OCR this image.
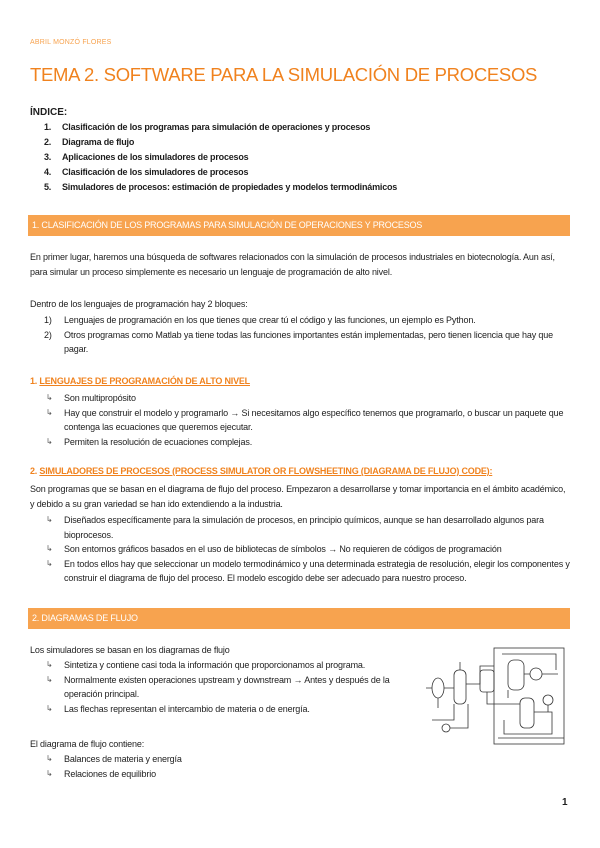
ABRIL MONZÓ FLORES
TEMA 2. SOFTWARE PARA LA SIMULACIÓN DE PROCESOS
ÍNDICE:
1. Clasificación de los programas para simulación de operaciones y procesos
2. Diagrama de flujo
3. Aplicaciones de los simuladores de procesos
4. Clasificación de los simuladores de procesos
5. Simuladores de procesos: estimación de propiedades y modelos termodinámicos
1. CLASIFICACIÓN DE LOS PROGRAMAS PARA SIMULACIÓN DE OPERACIONES Y PROCESOS
En primer lugar, haremos una búsqueda de softwares relacionados con la simulación de procesos industriales en biotecnología. Aun así, para simular un proceso simplemente es necesario un lenguaje de programación de alto nivel.
Dentro de los lenguajes de programación hay 2 bloques:
1) Lenguajes de programación en los que tienes que crear tú el código y las funciones, un ejemplo es Python.
2) Otros programas como Matlab ya tiene todas las funciones importantes están implementadas, pero tienen licencia que hay que pagar.
1. LENGUAJES DE PROGRAMACIÓN DE ALTO NIVEL
↳ Son multipropósito
↳ Hay que construir el modelo y programarlo → Si necesitamos algo específico tenemos que programarlo, o buscar un paquete que contenga las ecuaciones que queremos ejecutar.
↳ Permiten la resolución de ecuaciones complejas.
2. SIMULADORES DE PROCESOS (PROCESS SIMULATOR OR FLOWSHEETING (DIAGRAMA DE FLUJO) CODE):
Son programas que se basan en el diagrama de flujo del proceso. Empezaron a desarrollarse y tomar importancia en el ámbito académico, y debido a su gran variedad se han ido extendiendo a la industria.
↳ Diseñados específicamente para la simulación de procesos, en principio químicos, aunque se han desarrollado algunos para bioprocesos.
↳ Son entornos gráficos basados en el uso de bibliotecas de símbolos → No requieren de códigos de programación
↳ En todos ellos hay que seleccionar un modelo termodinámico y una determinada estrategia de resolución, elegir los componentes y construir el diagrama de flujo del proceso. El modelo escogido debe ser adecuado para nuestro proceso.
2. DIAGRAMAS DE FLUJO
Los simuladores se basan en los diagramas de flujo
↳ Sintetiza y contiene casi toda la información que proporcionamos al programa.
↳ Normalmente existen operaciones upstream y downstream → Antes y después de la operación principal.
↳ Las flechas representan el intercambio de materia o de energía.
El diagrama de flujo contiene:
↳ Balances de materia y energía
↳ Relaciones de equilibrio
1
